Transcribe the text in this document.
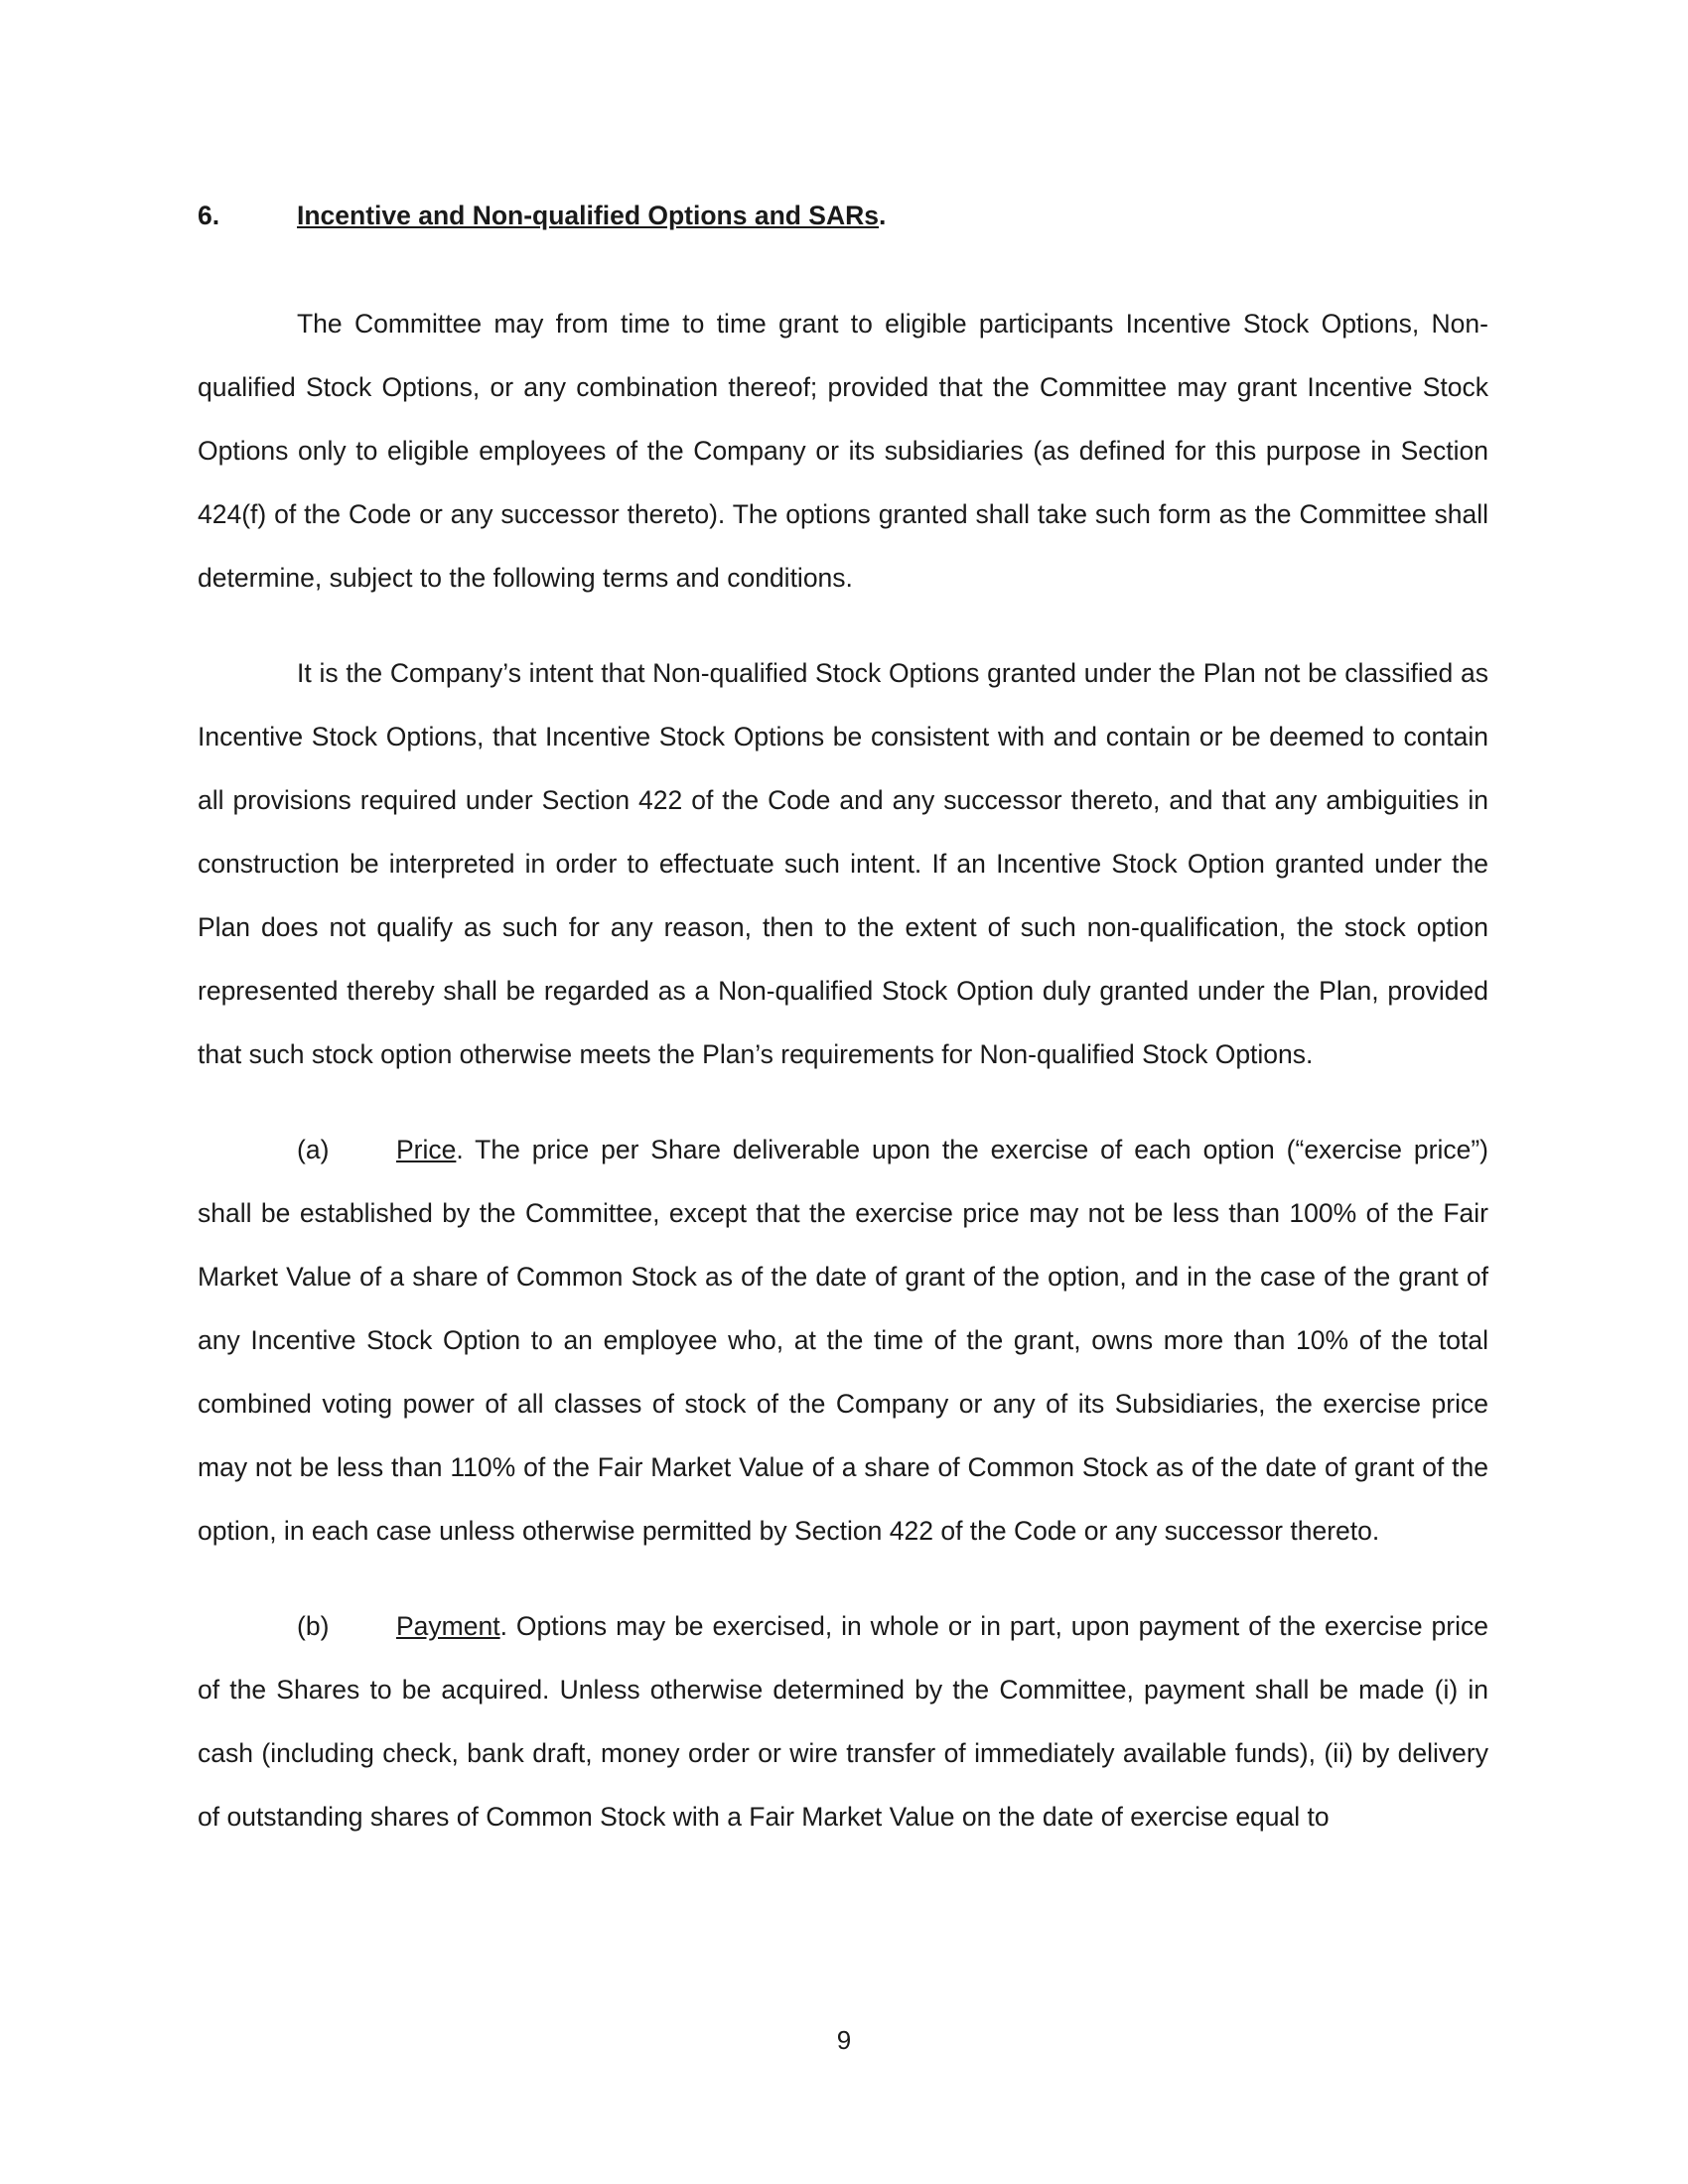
6.	Incentive and Non-qualified Options and SARs.

The Committee may from time to time grant to eligible participants Incentive Stock Options, Non-qualified Stock Options, or any combination thereof; provided that the Committee may grant Incentive Stock Options only to eligible employees of the Company or its subsidiaries (as defined for this purpose in Section 424(f) of the Code or any successor thereto). The options granted shall take such form as the Committee shall determine, subject to the following terms and conditions.

It is the Company’s intent that Non-qualified Stock Options granted under the Plan not be classified as Incentive Stock Options, that Incentive Stock Options be consistent with and contain or be deemed to contain all provisions required under Section 422 of the Code and any successor thereto, and that any ambiguities in construction be interpreted in order to effectuate such intent. If an Incentive Stock Option granted under the Plan does not qualify as such for any reason, then to the extent of such non-qualification, the stock option represented thereby shall be regarded as a Non-qualified Stock Option duly granted under the Plan, provided that such stock option otherwise meets the Plan’s requirements for Non-qualified Stock Options.

(a)	Price. The price per Share deliverable upon the exercise of each option (“exercise price”) shall be established by the Committee, except that the exercise price may not be less than 100% of the Fair Market Value of a share of Common Stock as of the date of grant of the option, and in the case of the grant of any Incentive Stock Option to an employee who, at the time of the grant, owns more than 10% of the total combined voting power of all classes of stock of the Company or any of its Subsidiaries, the exercise price may not be less than 110% of the Fair Market Value of a share of Common Stock as of the date of grant of the option, in each case unless otherwise permitted by Section 422 of the Code or any successor thereto.

(b)	Payment. Options may be exercised, in whole or in part, upon payment of the exercise price of the Shares to be acquired. Unless otherwise determined by the Committee, payment shall be made (i) in cash (including check, bank draft, money order or wire transfer of immediately available funds), (ii) by delivery of outstanding shares of Common Stock with a Fair Market Value on the date of exercise equal to

9
